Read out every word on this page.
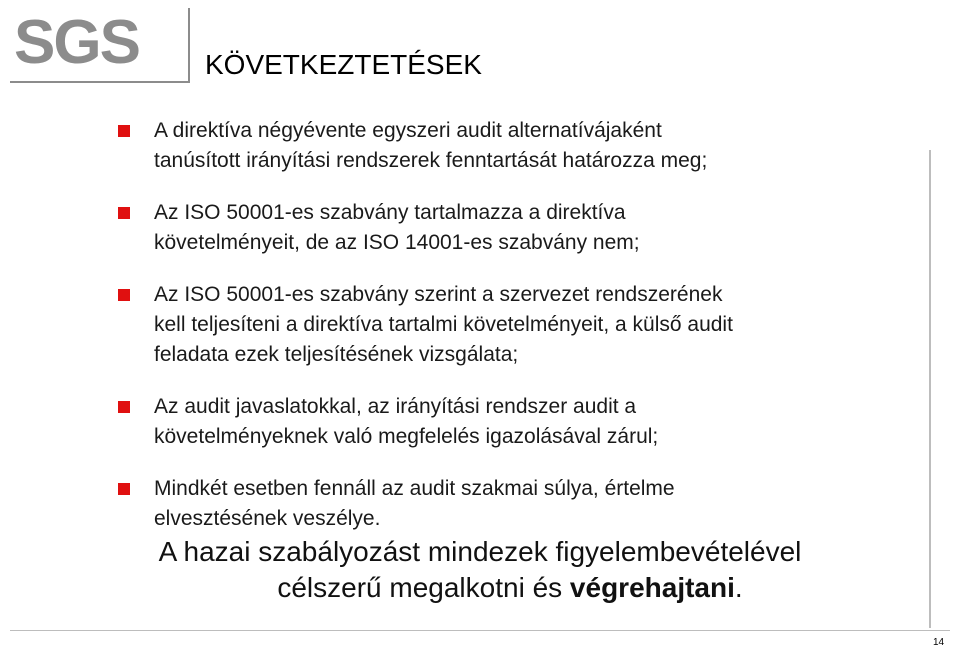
SGS KÖVETKEZTETÉSEK
A direktíva négyévente egyszeri audit alternatívájaként
tanúsított irányítási rendszerek fenntartását határozza meg;
Az ISO 50001-es szabvány tartalmazza a direktíva
követelményeit, de az ISO 14001-es szabvány nem;
Az ISO 50001-es szabvány szerint a szervezet rendszerének
kell teljesíteni a direktíva tartalmi követelményeit, a külső audit
feladata ezek teljesítésének vizsgálata;
Az audit javaslatokkal, az irányítási rendszer audit a
követelményeknek való megfelelés igazolásával zárul;
Mindkét esetben fennáll az audit szakmai súlya, értelme
elvesztésének veszélye.
A hazai szabályozást mindezek figyelembevételével
célszerű megalkotni és végrehajtani.
14
